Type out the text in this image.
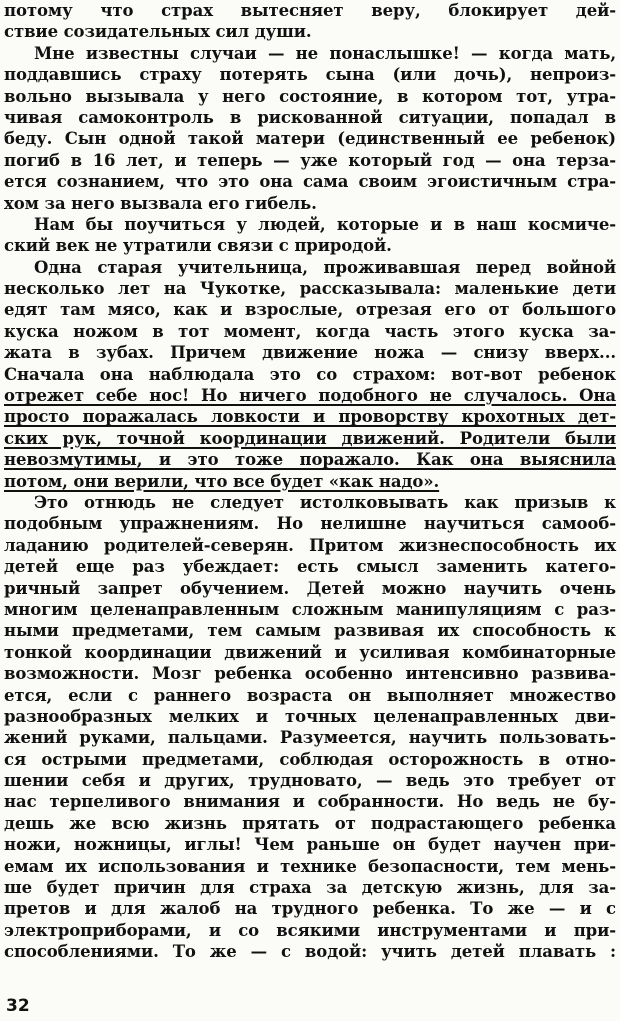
потому что страх вытесняет веру, блокирует дей-
ствие созидательных сил души.
Мне известны случаи — не понаслышке! — когда мать,
поддавшись страху потерять сына (или дочь), непроиз-
вольно вызывала у него состояние, в котором тот, утра-
чивая самоконтроль в рискованной ситуации, попадал в
беду. Сын одной такой матери (единственный ее ребенок)
погиб в 16 лет, и теперь — уже который год — она терза-
ется сознанием, что это она сама своим эгоистичным стра-
хом за него вызвала его гибель.
Нам бы поучиться у людей, которые и в наш космиче-
ский век не утратили связи с природой.
Одна старая учительница, проживавшая перед войной
несколько лет на Чукотке, рассказывала: маленькие дети
едят там мясо, как и взрослые, отрезая его от большого
куска ножом в тот момент, когда часть этого куска за-
жата в зубах. Причем движение ножа — снизу вверх...
Сначала она наблюдала это со страхом: вот-вот ребенок
отрежет себе нос! Но ничего подобного не случалось. Она
просто поражалась ловкости и проворству крохотных дет-
ских рук, точной координации движений. Родители были
невозмутимы, и это тоже поражало. Как она выяснила
потом, они верили, что все будет «как надо».
Это отнюдь не следует истолковывать как призыв к
подобным упражнениям. Но нелишне научиться самооб-
ладанию родителей-северян. Притом жизнеспособность их
детей еще раз убеждает: есть смысл заменить катего-
ричный запрет обучением. Детей можно научить очень
многим целенаправленным сложным манипуляциям с раз-
ными предметами, тем самым развивая их способность к
тонкой координации движений и усиливая комбинаторные
возможности. Мозг ребенка особенно интенсивно развива-
ется, если с раннего возраста он выполняет множество
разнообразных мелких и точных целенаправленных дви-
жений руками, пальцами. Разумеется, научить пользовать-
ся острыми предметами, соблюдая осторожность в отно-
шении себя и других, трудновато, — ведь это требует от
нас терпеливого внимания и собранности. Но ведь не бу-
дешь же всю жизнь прятать от подрастающего ребенка
ножи, ножницы, иглы! Чем раньше он будет научен при-
емам их использования и технике безопасности, тем мень-
ше будет причин для страха за детскую жизнь, для за-
претов и для жалоб на трудного ребенка. То же — и с
электроприборами, и со всякими инструментами и при-
способлениями. То же — с водой: учить детей плавать :
32
